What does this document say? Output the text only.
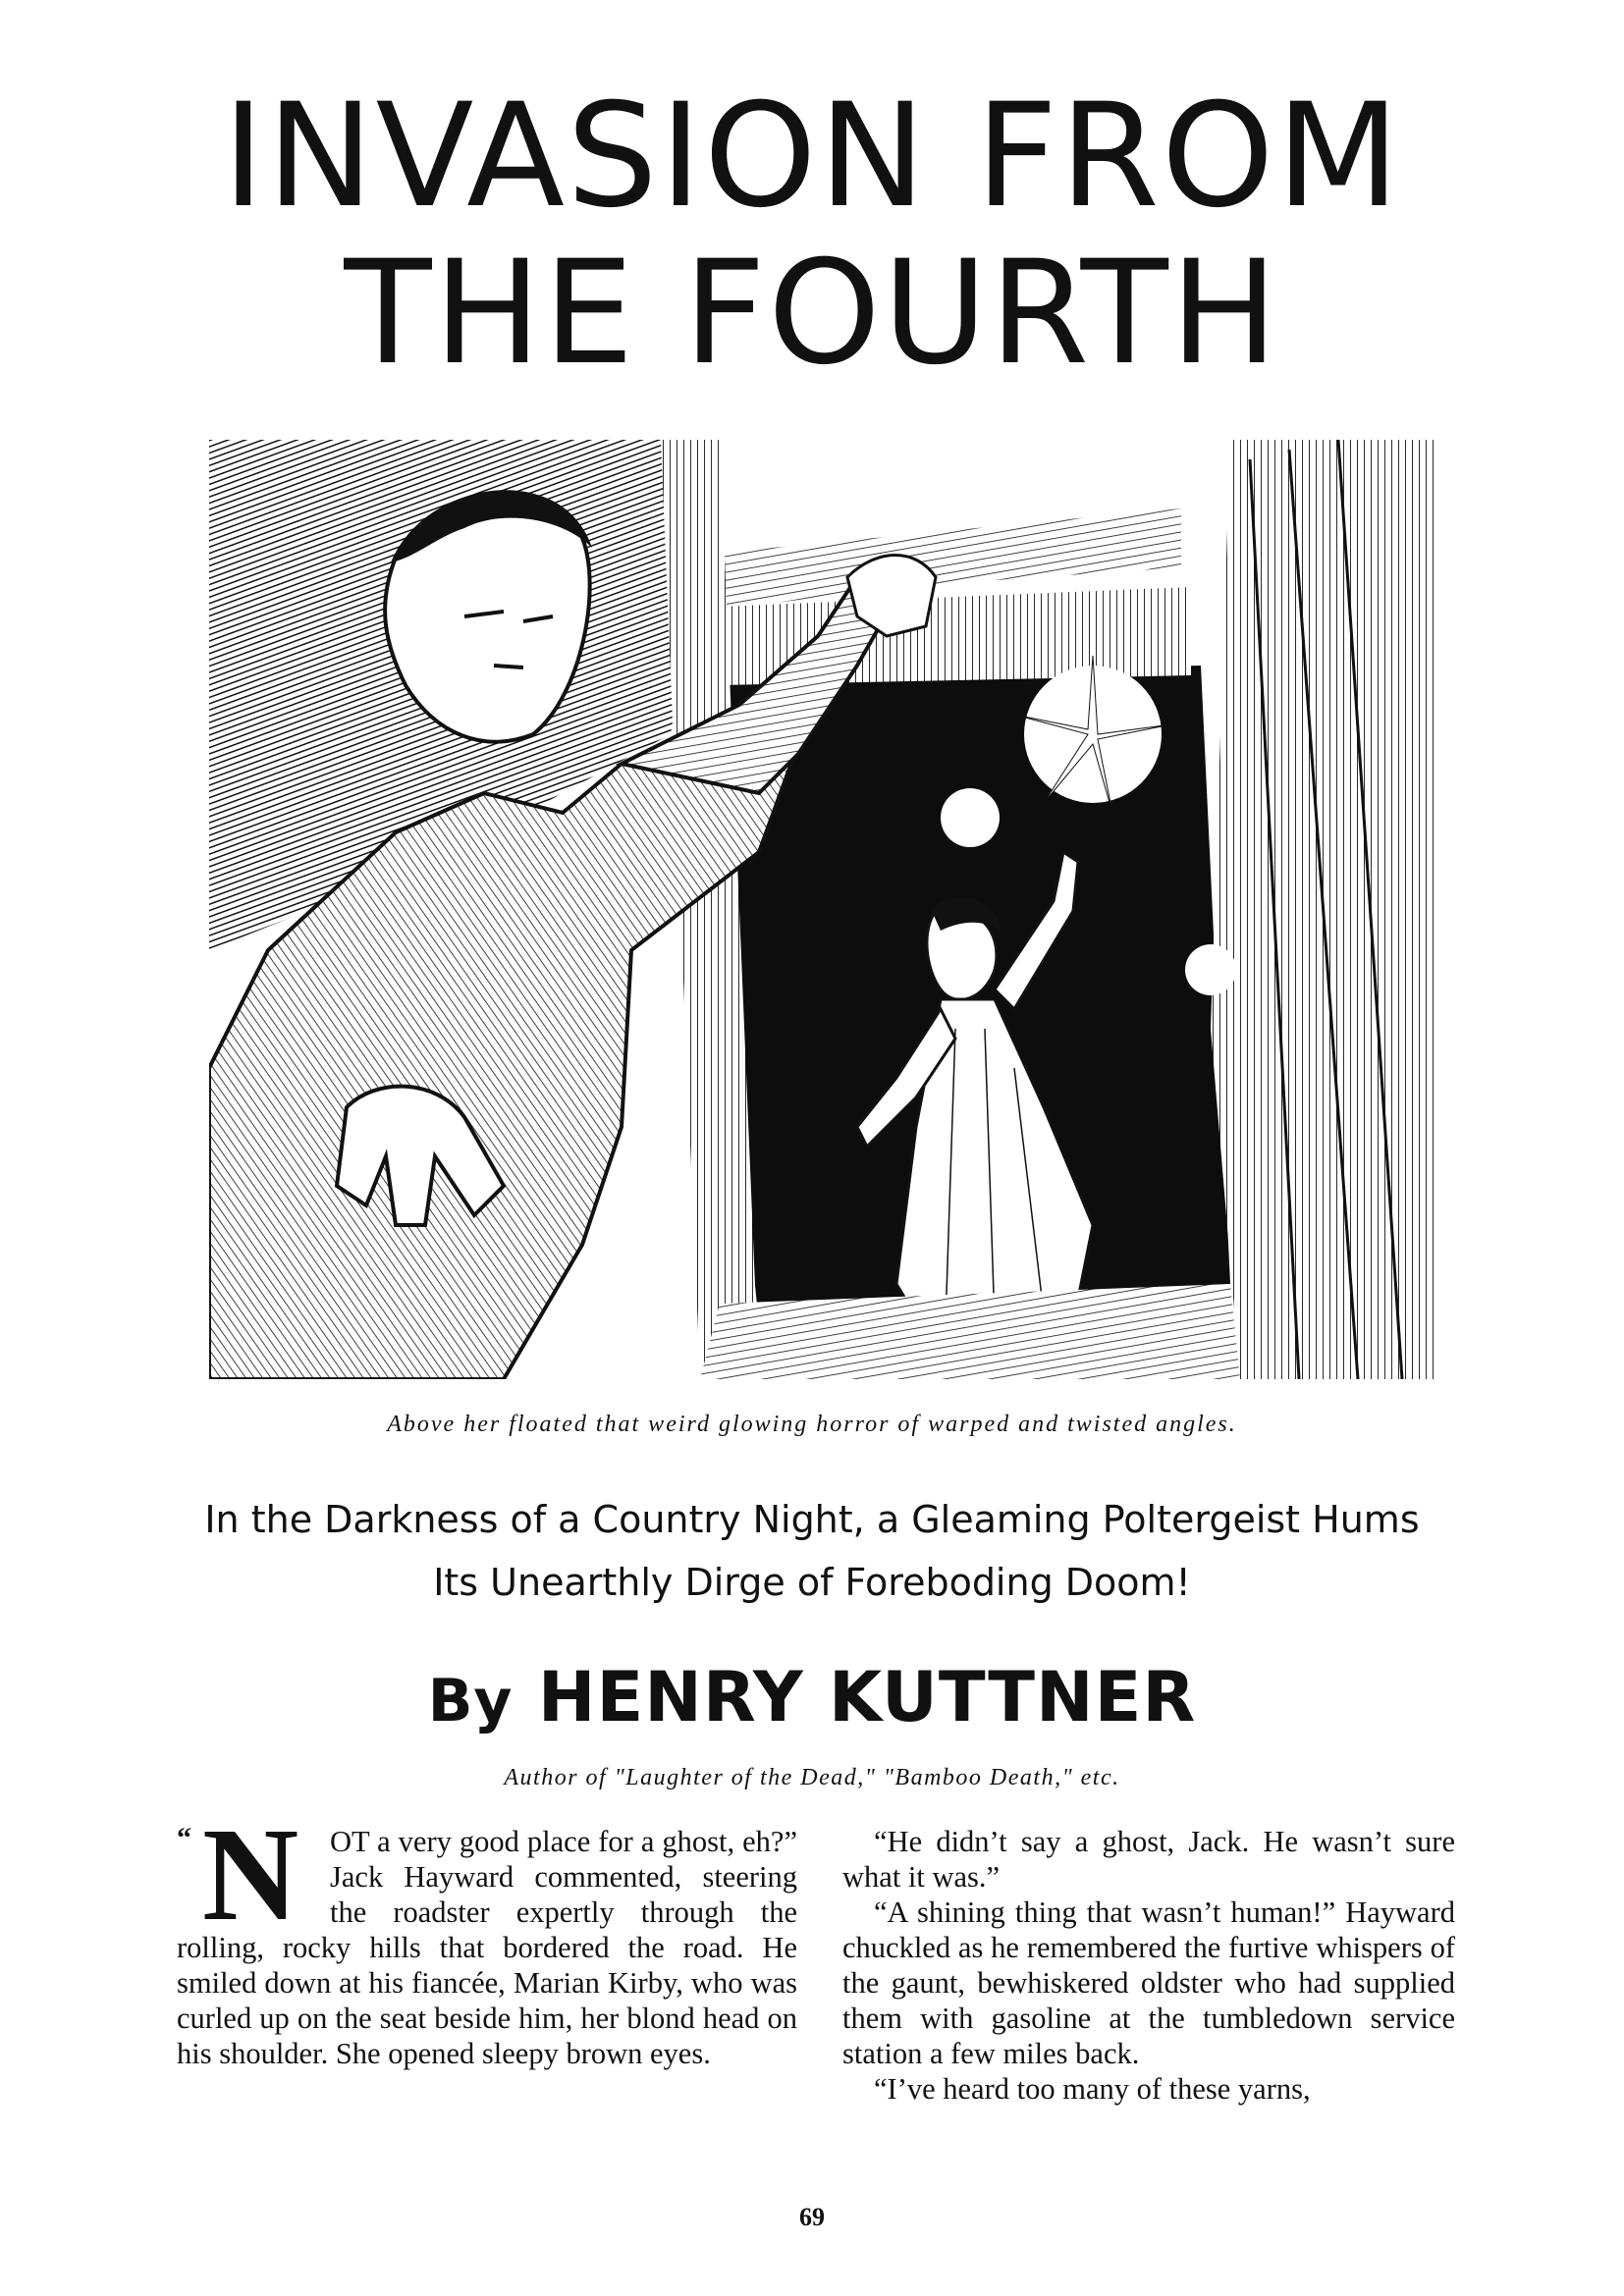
INVASION FROM
THE FOURTH
Above her floated that weird glowing horror of warped and twisted angles.
In the Darkness of a Country Night, a Gleaming Poltergeist Hums
Its Unearthly Dirge of Foreboding Doom!
By HENRY KUTTNER
Author of "Laughter of the Dead," "Bamboo Death," etc.
“ N	OT a very good place for a ghost, eh?” Jack Hayward commented, steering the roadster expertly through the rolling, rocky hills that bordered the road. He smiled down at his fiancée, Marian Kirby, who was curled up on the seat beside him, her blond head on his shoulder. She opened sleepy brown eyes.

“He didn’t say a ghost, Jack. He wasn’t sure what it was.”

“A shining thing that wasn’t human!” Hayward chuckled as he remembered the furtive whispers of the gaunt, bewhiskered oldster who had supplied them with gasoline at the tumbledown service station a few miles back.

“I’ve heard too many of these yarns,

69
